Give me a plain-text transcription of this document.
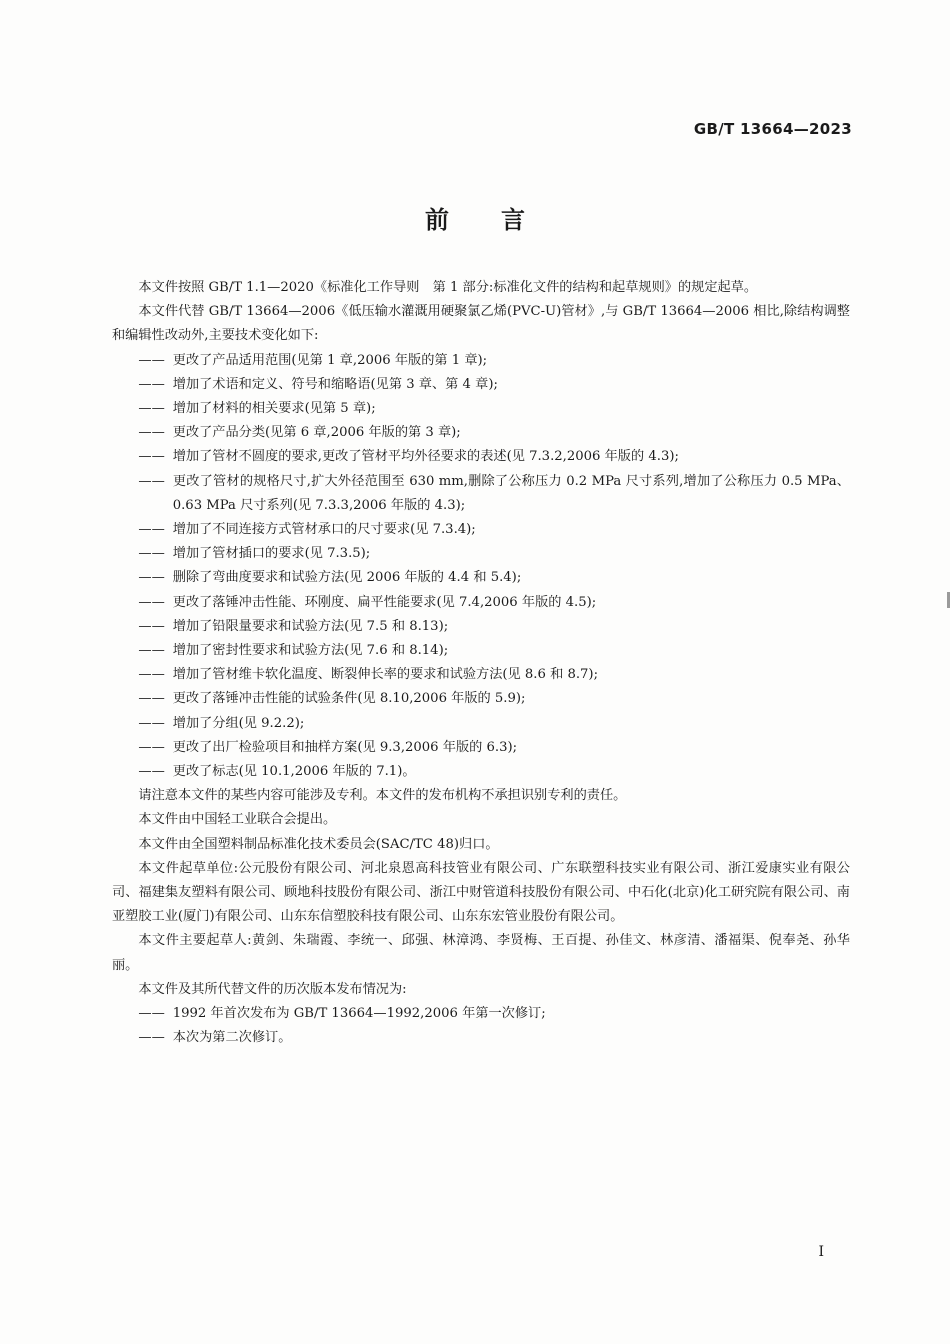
GB/T 13664—2023
前言

本文件按照 GB/T 1.1—2020《标准化工作导则　第 1 部分:标准化文件的结构和起草规则》的规定起草。

本文件代替 GB/T 13664—2006《低压输水灌溉用硬聚氯乙烯(PVC-U)管材》,与 GB/T 13664—2006 相比,除结构调整和编辑性改动外,主要技术变化如下:

—— 更改了产品适用范围(见第 1 章,2006 年版的第 1 章);

—— 增加了术语和定义、符号和缩略语(见第 3 章、第 4 章);

—— 增加了材料的相关要求(见第 5 章);

—— 更改了产品分类(见第 6 章,2006 年版的第 3 章);

—— 增加了管材不圆度的要求,更改了管材平均外径要求的表述(见 7.3.2,2006 年版的 4.3);

—— 更改了管材的规格尺寸,扩大外径范围至 630 mm,删除了公称压力 0.2 MPa 尺寸系列,增加了公称压力 0.5 MPa、0.63 MPa 尺寸系列(见 7.3.3,2006 年版的 4.3);

—— 增加了不同连接方式管材承口的尺寸要求(见 7.3.4);

—— 增加了管材插口的要求(见 7.3.5);

—— 删除了弯曲度要求和试验方法(见 2006 年版的 4.4 和 5.4);

—— 更改了落锤冲击性能、环刚度、扁平性能要求(见 7.4,2006 年版的 4.5);

—— 增加了铅限量要求和试验方法(见 7.5 和 8.13);

—— 增加了密封性要求和试验方法(见 7.6 和 8.14);

—— 增加了管材维卡软化温度、断裂伸长率的要求和试验方法(见 8.6 和 8.7);

—— 更改了落锤冲击性能的试验条件(见 8.10,2006 年版的 5.9);

—— 增加了分组(见 9.2.2);

—— 更改了出厂检验项目和抽样方案(见 9.3,2006 年版的 6.3);

—— 更改了标志(见 10.1,2006 年版的 7.1)。

请注意本文件的某些内容可能涉及专利。本文件的发布机构不承担识别专利的责任。

本文件由中国轻工业联合会提出。

本文件由全国塑料制品标准化技术委员会(SAC/TC 48)归口。

本文件起草单位:公元股份有限公司、河北泉恩高科技管业有限公司、广东联塑科技实业有限公司、浙江爱康实业有限公司、福建集友塑料有限公司、顾地科技股份有限公司、浙江中财管道科技股份有限公司、中石化(北京)化工研究院有限公司、南亚塑胶工业(厦门)有限公司、山东东信塑胶科技有限公司、山东东宏管业股份有限公司。

本文件主要起草人:黄剑、朱瑞霞、李统一、邱强、林漳鸿、李贤梅、王百提、孙佳文、林彦清、潘福渠、倪奉尧、孙华丽。

本文件及其所代替文件的历次版本发布情况为:

—— 1992 年首次发布为 GB/T 13664—1992,2006 年第一次修订;

—— 本次为第二次修订。

I
